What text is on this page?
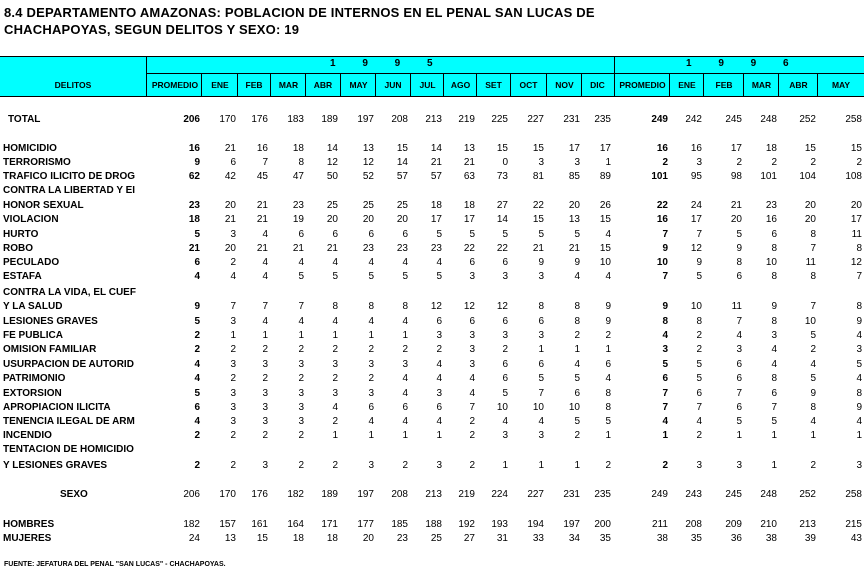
8.4 DEPARTAMENTO AMAZONAS: POBLACION DE INTERNOS EN EL PENAL SAN LUCAS DE
CHACHAPOYAS, SEGUN DELITOS Y SEXO: 19
DELITOS
1 9 9 5	1 9 9 6
PROMEDIO	ENE	FEB	MAR	ABR	MAY	JUN	JUL	AGO	SET	OCT	NOV	DIC	PROMEDIO	ENE	FEB	MAR	ABR	MAY
TOTAL	206	170	176	183	189	197	208	213	219	225	227	231	235	249	242	245	248	252	258
HOMICIDIO	16	21	16	18	14	13	15	14	13	15	15	17	17	16	16	17	18	15	15
TERRORISMO	9	6	7	8	12	12	14	21	21	0	3	3	1	2	3	2	2	2	2
TRAFICO ILICITO DE DROG	62	42	45	47	50	52	57	57	63	73	81	85	89	101	95	98	101	104	108
CONTRA LA LIBERTAD Y EI
HONOR SEXUAL	23	20	21	23	25	25	25	18	18	27	22	20	26	22	24	21	23	20	20
VIOLACION	18	21	21	19	20	20	20	17	17	14	15	13	15	16	17	20	16	20	17
HURTO	5	3	4	6	6	6	6	5	5	5	5	5	4	7	7	5	6	8	11
ROBO	21	20	21	21	21	23	23	23	22	22	21	21	15	9	12	9	8	7	8
PECULADO	6	2	4	4	4	4	4	4	6	6	9	9	10	10	9	8	10	11	12
ESTAFA	4	4	4	5	5	5	5	5	3	3	3	4	4	7	5	6	8	8	7
CONTRA LA VIDA, EL CUEF
Y LA SALUD	9	7	7	7	8	8	8	12	12	12	8	8	9	9	10	11	9	7	8
LESIONES GRAVES	5	3	4	4	4	4	4	6	6	6	6	8	9	8	8	7	8	10	9
FE PUBLICA	2	1	1	1	1	1	1	3	3	3	3	2	2	4	2	4	3	5	4
OMISION FAMILIAR	2	2	2	2	2	2	2	2	3	2	1	1	1	3	2	3	4	2	3
USURPACION DE AUTORID	4	3	3	3	3	3	3	4	3	6	6	4	6	5	5	6	4	4	5
PATRIMONIO	4	2	2	2	2	2	4	4	4	6	5	5	4	6	5	6	8	5	4
EXTORSION	5	3	3	3	3	3	4	3	4	5	7	6	8	7	6	7	6	9	8
APROPIACION ILICITA	6	3	3	3	4	6	6	6	7	10	10	10	8	7	7	6	7	8	9
TENENCIA ILEGAL DE ARM	4	3	3	3	2	4	4	4	2	4	4	5	5	4	4	5	5	4	4
INCENDIO	2	2	2	2	1	1	1	1	2	3	3	2	1	1	2	1	1	1	1
TENTACION DE HOMICIDIO
Y LESIONES GRAVES	2	2	3	2	2	3	2	3	2	1	1	1	2	2	3	3	1	2	3
SEXO	206	170	176	182	189	197	208	213	219	224	227	231	235	249	243	245	248	252	258
HOMBRES	182	157	161	164	171	177	185	188	192	193	194	197	200	211	208	209	210	213	215
MUJERES	24	13	15	18	18	20	23	25	27	31	33	34	35	38	35	36	38	39	43
FUENTE: JEFATURA DEL PENAL "SAN LUCAS" - CHACHAPOYAS.
